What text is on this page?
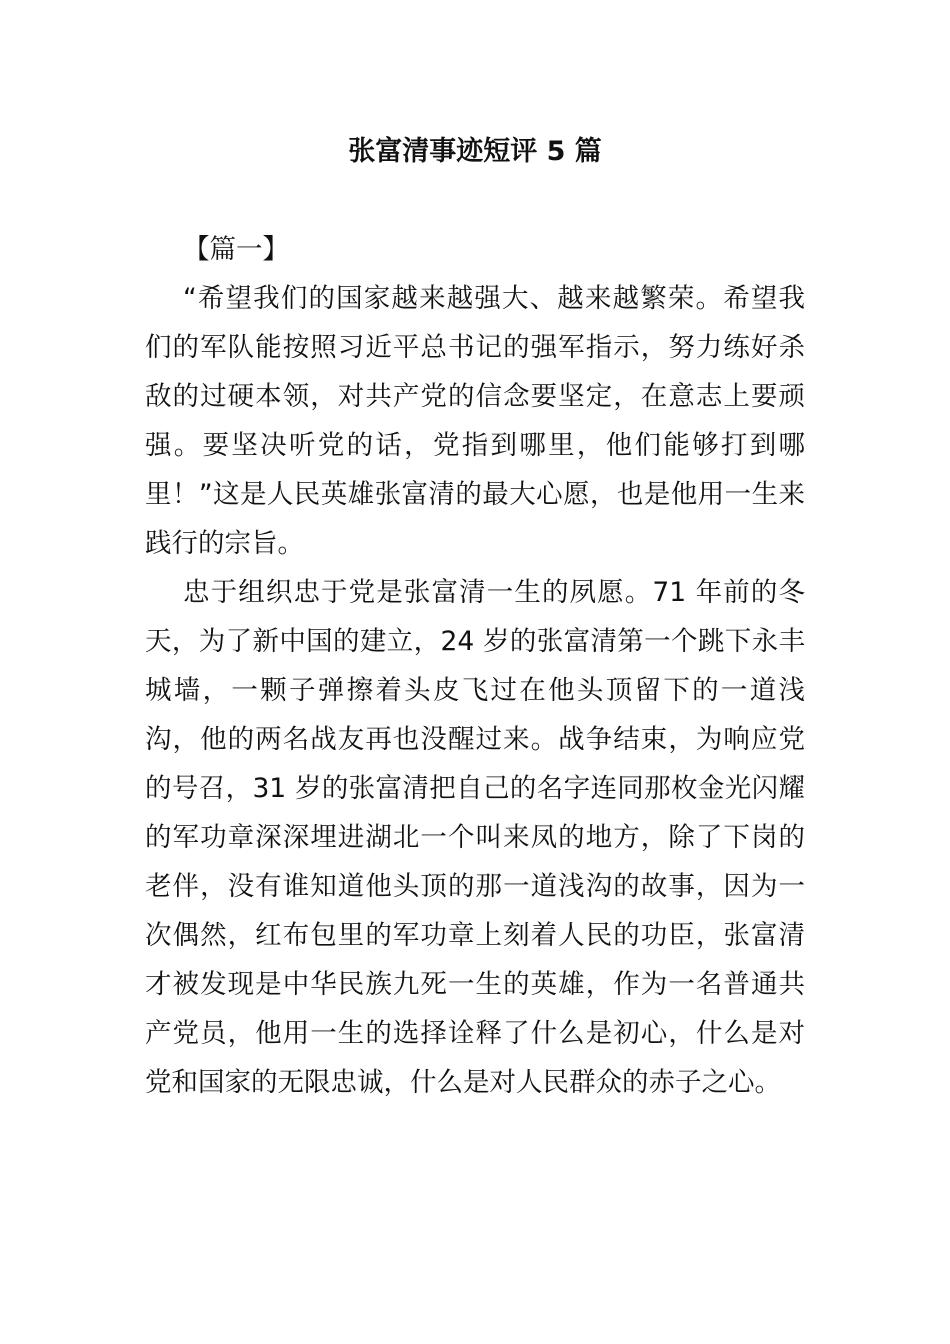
张富清事迹短评 5 篇
【篇一】

“希望我们的国家越来越强大、越来越繁荣。希望我们的军队能按照习近平总书记的强军指示，努力练好杀敌的过硬本领，对共产党的信念要坚定，在意志上要顽强。要坚决听党的话，党指到哪里，他们能够打到哪里！”这是人民英雄张富清的最大心愿，也是他用一生来践行的宗旨。

忠于组织忠于党是张富清一生的夙愿。71 年前的冬天，为了新中国的建立，24 岁的张富清第一个跳下永丰城墙，一颗子弹擦着头皮飞过在他头顶留下的一道浅沟，他的两名战友再也没醒过来。战争结束，为响应党的号召，31 岁的张富清把自己的名字连同那枚金光闪耀的军功章深深埋进湖北一个叫来凤的地方，除了下岗的老伴，没有谁知道他头顶的那一道浅沟的故事，因为一次偶然，红布包里的军功章上刻着人民的功臣，张富清才被发现是中华民族九死一生的英雄，作为一名普通共产党员，他用一生的选择诠释了什么是初心，什么是对党和国家的无限忠诚，什么是对人民群众的赤子之心。
